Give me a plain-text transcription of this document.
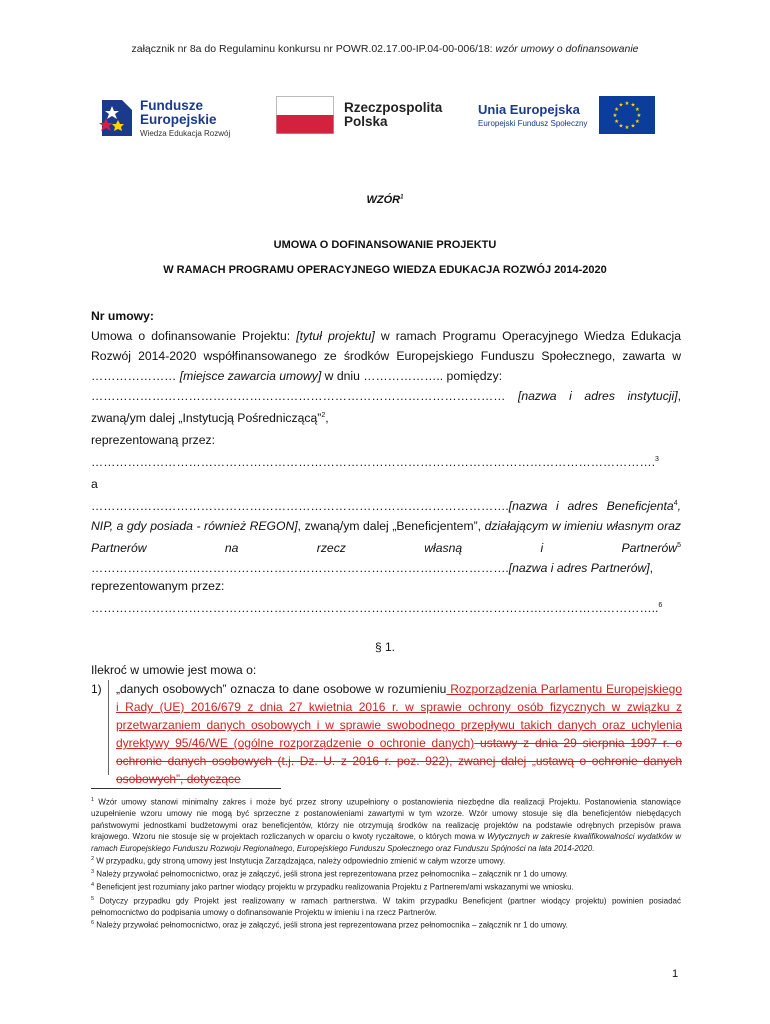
załącznik nr 8a do Regulaminu konkursu nr POWR.02.17.00-IP.04-00-006/18: wzór umowy o dofinansowanie
Fundusze
Europejskie
Wiedza Edukacja Rozwój
Rzeczpospolita
Polska
Unia Europejska
Europejski Fundusz Społeczny
★ ★
★
★
★
★
★
★
★
★
★
★
WZÓR$^1$
UMOWA O DOFINANSOWANIE PROJEKTU
W RAMACH PROGRAMU OPERACYJNEGO WIEDZA EDUKACJA ROZWÓJ 2014-2020
Nr umowy:
Umowa o dofinansowanie Projektu: [tytuł projektu] w ramach Programu Operacyjnego Wiedza Edukacja Rozwój 2014-2020 współfinansowanego ze środków Europejskiego Funduszu Społecznego, zawarta w ………………… [miejsce zawarcia umowy] w dniu ……………….. pomiędzy:
………………………………………………………………………………………… [nazwa i adres instytucji], zwaną/ym dalej „Instytucją Pośredniczącą”$^2$,
reprezentowaną przez:
………………………………………………………………………………………………………………………….$^3$
a
………………………………………………………………………………………….[nazwa i adres Beneficjenta$^4$, NIP, a gdy posiada - również REGON], zwaną/ym dalej „Beneficjentem”, działającym w imieniu własnym oraz Partnerów na rzecz własną i Partnerów$^5$ ………………………………………………………………………………………….[nazwa i adres Partnerów],
reprezentowanym przez:
…………………………………………………………………………………………………………………………..$^6$
§ 1.
Ilekroć w umowie jest mowa o:
1) „danych osobowych” oznacza to dane osobowe w rozumieniu Rozporządzenia Parlamentu Europejskiego i Rady (UE) 2016/679 z dnia 27 kwietnia 2016 r. w sprawie ochrony osób fizycznych w związku z przetwarzaniem danych osobowych i w sprawie swobodnego przepływu takich danych oraz uchylenia dyrektywy 95/46/WE (ogólne rozporządzenie o ochronie danych) ustawy z dnia 29 sierpnia 1997 r. o ochronie danych osobowych (t.j. Dz. U. z 2016 r. poz. 922), zwanej dalej „ustawą o ochronie danych osobowych”, dotyczące

$^1$ Wzór umowy stanowi minimalny zakres i może być przez strony uzupełniony o postanowienia niezbędne dla realizacji Projektu. Postanowienia stanowiące uzupełnienie wzoru umowy nie mogą być sprzeczne z postanowieniami zawartymi w tym wzorze. Wzór umowy stosuje się dla beneficjentów niebędących państwowymi jednostkami budżetowymi oraz beneficjentów, którzy nie otrzymują środków na realizację projektów na podstawie odrębnych przepisów prawa krajowego. Wzoru nie stosuje się w projektach rozliczanych w oparciu o kwoty ryczałtowe, o których mowa w Wytycznych w zakresie kwalifikowalności wydatków w ramach Europejskiego Funduszu Rozwoju Regionalnego, Europejskiego Funduszu Społecznego oraz Funduszu Spójności na lata 2014-2020.

$^2$ W przypadku, gdy stroną umowy jest Instytucja Zarządzająca, należy odpowiednio zmienić w całym wzorze umowy.

$^3$ Należy przywołać pełnomocnictwo, oraz je załączyć, jeśli strona jest reprezentowana przez pełnomocnika – załącznik nr 1 do umowy.

$^4$ Beneficjent jest rozumiany jako partner wiodący projektu w przypadku realizowania Projektu z Partnerem/ami wskazanymi we wniosku.

$^5$ Dotyczy przypadku gdy Projekt jest realizowany w ramach partnerstwa. W takim przypadku Beneficjent (partner wiodący projektu) powinien posiadać pełnomocnictwo do podpisania umowy o dofinansowanie Projektu w imieniu i na rzecz Partnerów.

$^6$ Należy przywołać pełnomocnictwo, oraz je załączyć, jeśli strona jest reprezentowana przez pełnomocnika – załącznik nr 1 do umowy.

1
